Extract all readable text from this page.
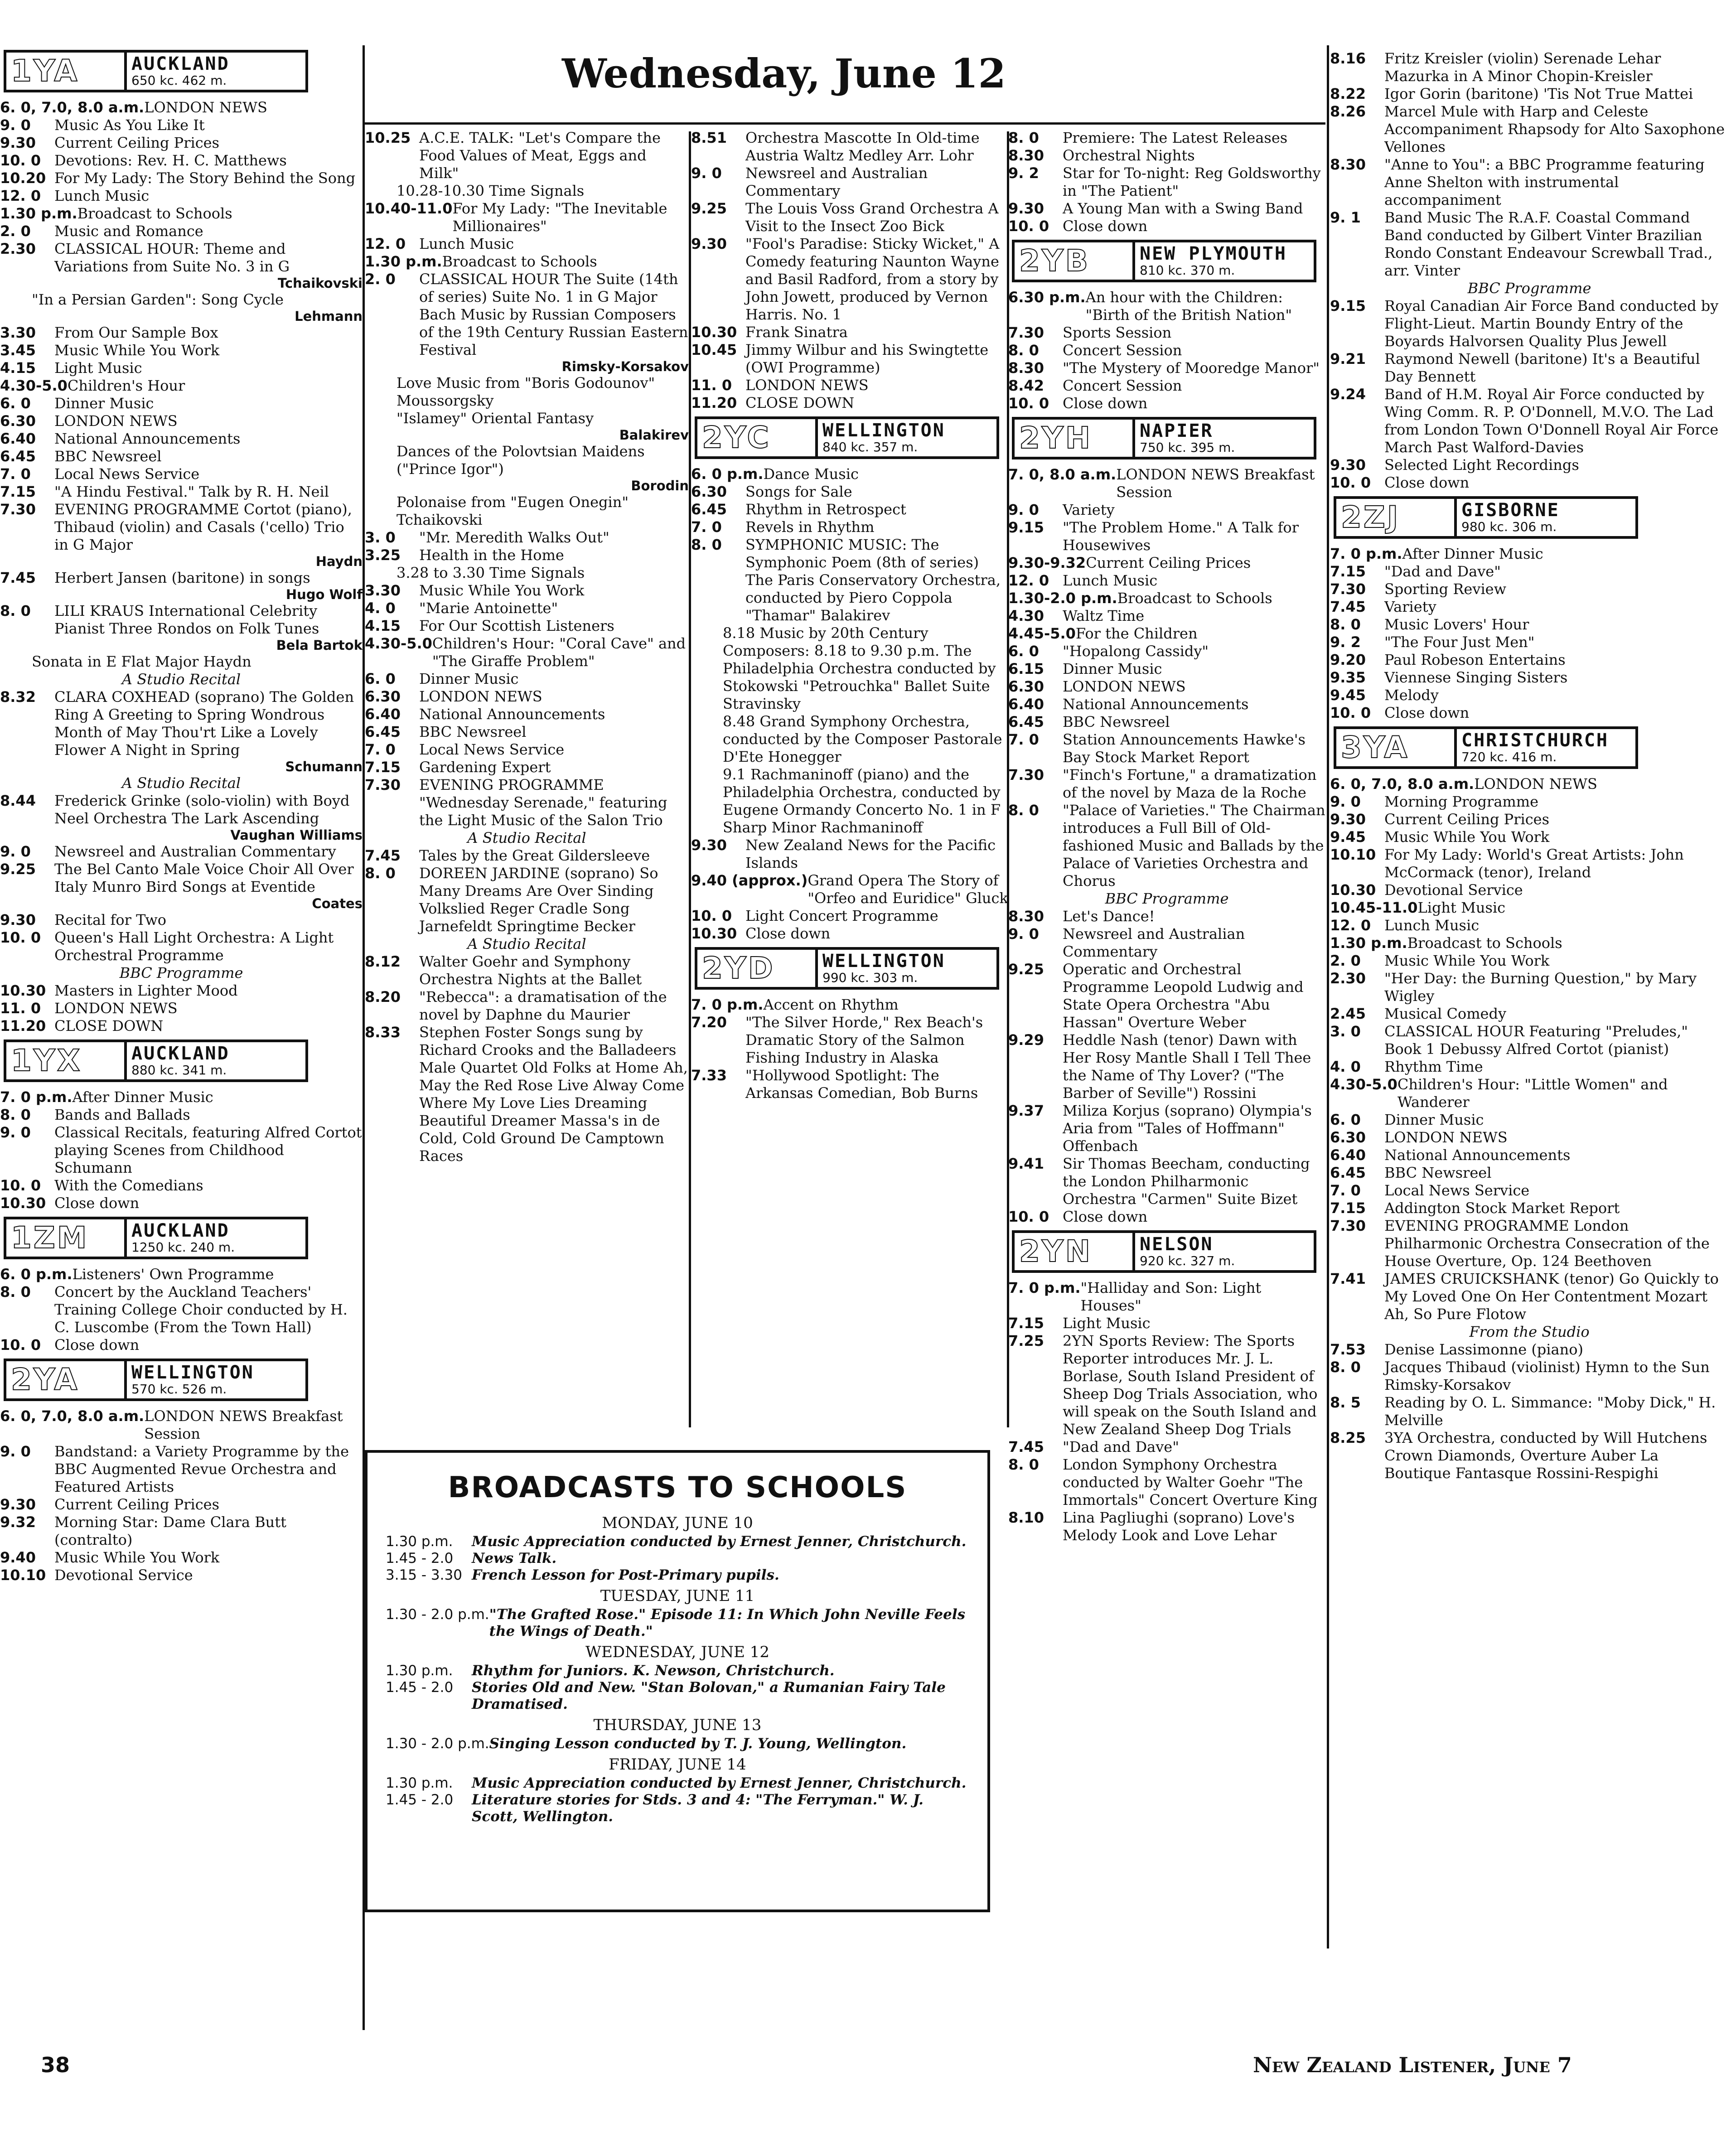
Wednesday, June 12
1YA	AUCKLAND
650 kc. 462 m.
6. 0, 7.0, 8.0 a.m. LONDON NEWS
9. 0	Music As You Like It
9.30	Current Ceiling Prices
10. 0 Devotions: Rev. H. C. Matthews
10.20 For My Lady: The Story Behind the Song
12. 0 Lunch Music
1.30 p.m. Broadcast to Schools
2. 0	Music and Romance
2.30	CLASSICAL HOUR: Theme and Variations from Suite No. 3 in G
Tchaikovski
"In a Persian Garden": Song Cycle
Lehmann
3.30	From Our Sample Box
3.45	Music While You Work
4.15	Light Music
4.30-5.0 Children's Hour
6. 0	Dinner Music
6.30	LONDON NEWS
6.40	National Announcements
6.45	BBC Newsreel
7. 0	Local News Service
7.15	"A Hindu Festival." Talk by R. H. Neil
7.30	EVENING PROGRAMME Cortot (piano), Thibaud (violin) and Casals ('cello) Trio in G Major
Haydn
7.45	Herbert Jansen (baritone) in songs
Hugo Wolf
8. 0	LILI KRAUS International Celebrity Pianist Three Rondos on Folk Tunes
Bela Bartok
Sonata in E Flat Major Haydn
A Studio Recital
8.32	CLARA COXHEAD (soprano) The Golden Ring A Greeting to Spring Wondrous Month of May Thou'rt Like a Lovely Flower A Night in Spring
Schumann
A Studio Recital
8.44	Frederick Grinke (solo-violin) with Boyd Neel Orchestra The Lark Ascending
Vaughan Williams
9. 0	Newsreel and Australian Commentary
9.25	The Bel Canto Male Voice Choir All Over Italy Munro Bird Songs at Eventide
Coates
9.30	Recital for Two
10. 0 Queen's Hall Light Orchestra: A Light Orchestral Programme
BBC Programme
10.30 Masters in Lighter Mood
11. 0 LONDON NEWS
11.20 CLOSE DOWN
1YX	AUCKLAND
880 kc. 341 m.
7. 0 p.m. After Dinner Music
8. 0	Bands and Ballads
9. 0	Classical Recitals, featuring Alfred Cortot playing Scenes from Childhood Schumann
10. 0 With the Comedians
10.30 Close down
1ZM	AUCKLAND
1250 kc. 240 m.
6. 0 p.m. Listeners' Own Programme
8. 0	Concert by the Auckland Teachers' Training College Choir conducted by H. C. Luscombe (From the Town Hall)
10. 0 Close down
2YA	WELLINGTON
570 kc. 526 m.
6. 0, 7.0, 8.0 a.m. LONDON NEWS Breakfast Session
9. 0	Bandstand: a Variety Programme by the BBC Augmented Revue Orchestra and Featured Artists
9.30	Current Ceiling Prices
9.32	Morning Star: Dame Clara Butt (contralto)
9.40	Music While You Work
10.10 Devotional Service
10.25 A.C.E. TALK: "Let's Compare the Food Values of Meat, Eggs and Milk"
10.28-10.30 Time Signals
10.40-11.0 For My Lady: "The Inevitable Millionaires"
12. 0 Lunch Music
1.30 p.m. Broadcast to Schools
2. 0	CLASSICAL HOUR The Suite (14th of series) Suite No. 1 in G Major Bach Music by Russian Composers of the 19th Century Russian Eastern Festival
Rimsky-Korsakov
Love Music from "Boris Godounov" Moussorgsky
"Islamey" Oriental Fantasy
Balakirev
Dances of the Polovtsian Maidens ("Prince Igor")
Borodin
Polonaise from "Eugen Onegin" Tchaikovski
3. 0	"Mr. Meredith Walks Out"
3.25	Health in the Home
3.28 to 3.30 Time Signals
3.30	Music While You Work
4. 0	"Marie Antoinette"
4.15	For Our Scottish Listeners
4.30-5.0 Children's Hour: "Coral Cave" and "The Giraffe Problem"
6. 0	Dinner Music
6.30	LONDON NEWS
6.40	National Announcements
6.45	BBC Newsreel
7. 0	Local News Service
7.15	Gardening Expert
7.30	EVENING PROGRAMME "Wednesday Serenade," featuring the Light Music of the Salon Trio
A Studio Recital
7.45	Tales by the Great Gildersleeve
8. 0	DOREEN JARDINE (soprano) So Many Dreams Are Over Sinding Volkslied Reger Cradle Song Jarnefeldt Springtime Becker
A Studio Recital
8.12	Walter Goehr and Symphony Orchestra Nights at the Ballet
8.20	"Rebecca": a dramatisation of the novel by Daphne du Maurier
8.33	Stephen Foster Songs sung by Richard Crooks and the Balladeers Male Quartet Old Folks at Home Ah, May the Red Rose Live Alway Come Where My Love Lies Dreaming Beautiful Dreamer Massa's in de Cold, Cold Ground De Camptown Races
8.51	Orchestra Mascotte In Old-time Austria Waltz Medley Arr. Lohr
9. 0	Newsreel and Australian Commentary
9.25	The Louis Voss Grand Orchestra A Visit to the Insect Zoo Bick
9.30	"Fool's Paradise: Sticky Wicket," A Comedy featuring Naunton Wayne and Basil Radford, from a story by John Jowett, produced by Vernon Harris. No. 1
10.30 Frank Sinatra
10.45 Jimmy Wilbur and his Swingtette (OWI Programme)
11. 0 LONDON NEWS
11.20 CLOSE DOWN
2YC	WELLINGTON
840 kc. 357 m.
6. 0 p.m. Dance Music
6.30	Songs for Sale
6.45	Rhythm in Retrospect
7. 0	Revels in Rhythm
8. 0	SYMPHONIC MUSIC: The Symphonic Poem (8th of series) The Paris Conservatory Orchestra, conducted by Piero Coppola "Thamar" Balakirev
8.18 Music by 20th Century Composers: 8.18 to 9.30 p.m. The Philadelphia Orchestra conducted by Stokowski "Petrouchka" Ballet Suite Stravinsky
8.48 Grand Symphony Orchestra, conducted by the Composer Pastorale D'Ete Honegger
9.1 Rachmaninoff (piano) and the Philadelphia Orchestra, conducted by Eugene Ormandy Concerto No. 1 in F Sharp Minor Rachmaninoff
9.30	New Zealand News for the Pacific Islands
9.40 (approx.) Grand Opera The Story of "Orfeo and Euridice" Gluck
10. 0 Light Concert Programme
10.30 Close down
2YD	WELLINGTON
990 kc. 303 m.
7. 0 p.m. Accent on Rhythm
7.20	"The Silver Horde," Rex Beach's Dramatic Story of the Salmon Fishing Industry in Alaska
7.33	"Hollywood Spotlight: The Arkansas Comedian, Bob Burns
8. 0	Premiere: The Latest Releases
8.30	Orchestral Nights
9. 2	Star for To-night: Reg Goldsworthy in "The Patient"
9.30	A Young Man with a Swing Band
10. 0 Close down
2YB	NEW PLYMOUTH
810 kc. 370 m.
6.30 p.m. An hour with the Children: "Birth of the British Nation"
7.30	Sports Session
8. 0	Concert Session
8.30	"The Mystery of Mooredge Manor"
8.42	Concert Session
10. 0 Close down
2YH	NAPIER
750 kc. 395 m.
7. 0, 8.0 a.m. LONDON NEWS Breakfast Session
9. 0	Variety
9.15	"The Problem Home." A Talk for Housewives
9.30-9.32 Current Ceiling Prices
12. 0 Lunch Music
1.30-2.0 p.m. Broadcast to Schools
4.30	Waltz Time
4.45-5.0 For the Children
6. 0	"Hopalong Cassidy"
6.15	Dinner Music
6.30	LONDON NEWS
6.40	National Announcements
6.45	BBC Newsreel
7. 0	Station Announcements Hawke's Bay Stock Market Report
7.30	"Finch's Fortune," a dramatization of the novel by Maza de la Roche
8. 0	"Palace of Varieties." The Chairman introduces a Full Bill of Old-fashioned Music and Ballads by the Palace of Varieties Orchestra and Chorus
BBC Programme
8.30	Let's Dance!
9. 0	Newsreel and Australian Commentary
9.25	Operatic and Orchestral Programme Leopold Ludwig and State Opera Orchestra "Abu Hassan" Overture Weber
9.29	Heddle Nash (tenor) Dawn with Her Rosy Mantle Shall I Tell Thee the Name of Thy Lover? ("The Barber of Seville") Rossini
9.37	Miliza Korjus (soprano) Olympia's Aria from "Tales of Hoffmann" Offenbach
9.41	Sir Thomas Beecham, conducting the London Philharmonic Orchestra "Carmen" Suite Bizet
10. 0 Close down
2YN	NELSON
920 kc. 327 m.
7. 0 p.m. "Halliday and Son: Light Houses"
7.15	Light Music
7.25	2YN Sports Review: The Sports Reporter introduces Mr. J. L. Borlase, South Island President of Sheep Dog Trials Association, who will speak on the South Island and New Zealand Sheep Dog Trials
7.45	"Dad and Dave"
8. 0	London Symphony Orchestra conducted by Walter Goehr "The Immortals" Concert Overture King
8.10	Lina Pagliughi (soprano) Love's Melody Look and Love Lehar
8.16	Fritz Kreisler (violin) Serenade Lehar Mazurka in A Minor Chopin-Kreisler
8.22	Igor Gorin (baritone) 'Tis Not True Mattei
8.26	Marcel Mule with Harp and Celeste Accompaniment Rhapsody for Alto Saxophone Vellones
8.30	"Anne to You": a BBC Programme featuring Anne Shelton with instrumental accompaniment
9. 1	Band Music The R.A.F. Coastal Command Band conducted by Gilbert Vinter Brazilian Rondo Constant Endeavour Screwball Trad., arr. Vinter
BBC Programme
9.15	Royal Canadian Air Force Band conducted by Flight-Lieut. Martin Boundy Entry of the Boyards Halvorsen Quality Plus Jewell
9.21	Raymond Newell (baritone) It's a Beautiful Day Bennett
9.24	Band of H.M. Royal Air Force conducted by Wing Comm. R. P. O'Donnell, M.V.O. The Lad from London Town O'Donnell Royal Air Force March Past Walford-Davies
9.30	Selected Light Recordings
10. 0 Close down
2ZJ	GISBORNE
980 kc. 306 m.
7. 0 p.m. After Dinner Music
7.15	"Dad and Dave"
7.30	Sporting Review
7.45	Variety
8. 0	Music Lovers' Hour
9. 2	"The Four Just Men"
9.20	Paul Robeson Entertains
9.35	Viennese Singing Sisters
9.45	Melody
10. 0 Close down
3YA	CHRISTCHURCH
720 kc. 416 m.
6. 0, 7.0, 8.0 a.m. LONDON NEWS
9. 0	Morning Programme
9.30	Current Ceiling Prices
9.45	Music While You Work
10.10 For My Lady: World's Great Artists: John McCormack (tenor), Ireland
10.30 Devotional Service
10.45-11.0 Light Music
12. 0 Lunch Music
1.30 p.m. Broadcast to Schools
2. 0	Music While You Work
2.30	"Her Day: the Burning Question," by Mary Wigley
2.45	Musical Comedy
3. 0	CLASSICAL HOUR Featuring "Preludes," Book 1 Debussy Alfred Cortot (pianist)
4. 0	Rhythm Time
4.30-5.0 Children's Hour: "Little Women" and Wanderer
6. 0	Dinner Music
6.30	LONDON NEWS
6.40	National Announcements
6.45	BBC Newsreel
7. 0	Local News Service
7.15	Addington Stock Market Report
7.30	EVENING PROGRAMME London Philharmonic Orchestra Consecration of the House Overture, Op. 124 Beethoven
7.41	JAMES CRUICKSHANK (tenor) Go Quickly to My Loved One On Her Contentment Mozart Ah, So Pure Flotow
From the Studio
7.53	Denise Lassimonne (piano)
8. 0	Jacques Thibaud (violinist) Hymn to the Sun Rimsky-Korsakov
8. 5	Reading by O. L. Simmance: "Moby Dick," H. Melville
8.25	3YA Orchestra, conducted by Will Hutchens Crown Diamonds, Overture Auber La Boutique Fantasque Rossini-Respighi
BROADCASTS TO SCHOOLS
MONDAY, JUNE 10
1.30 p.m.	Music Appreciation conducted by Ernest Jenner, Christchurch.
1.45 - 2.0	News Talk.
3.15 - 3.30 French Lesson for Post-Primary pupils.
TUESDAY, JUNE 11
1.30 - 2.0 p.m. "The Grafted Rose." Episode 11: In Which John Neville Feels the Wings of Death."
WEDNESDAY, JUNE 12
1.30 p.m.	Rhythm for Juniors. K. Newson, Christchurch.
1.45 - 2.0	Stories Old and New. "Stan Bolovan," a Rumanian Fairy Tale Dramatised.
THURSDAY, JUNE 13
1.30 - 2.0 p.m. Singing Lesson conducted by T. J. Young, Wellington.
FRIDAY, JUNE 14
1.30 p.m.	Music Appreciation conducted by Ernest Jenner, Christchurch.
1.45 - 2.0	Literature stories for Stds. 3 and 4: "The Ferryman." W. J. Scott, Wellington.
38	New Zealand Listener, June 7
